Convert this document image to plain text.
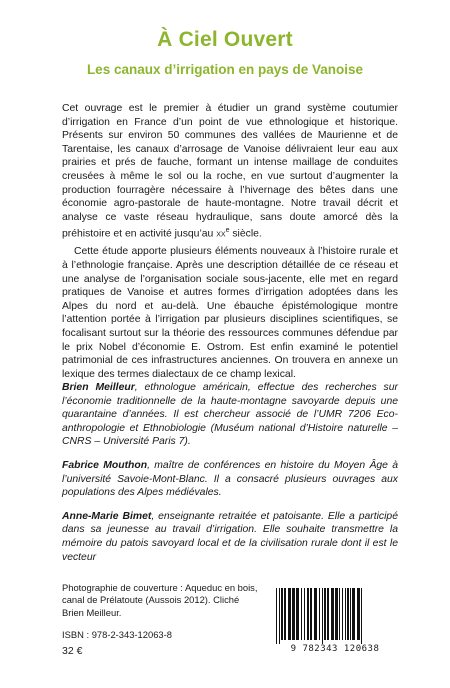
À Ciel Ouvert
Les canaux d’irrigation en pays de Vanoise

Cet ouvrage est le premier à étudier un grand système coutumier d’irrigation en France d’un point de vue ethnologique et historique. Présents sur environ 50 communes des vallées de Maurienne et de Tarentaise, les canaux d’arrosage de Vanoise délivraient leur eau aux prairies et prés de fauche, formant un intense maillage de conduites creusées à même le sol ou la roche, en vue surtout d’augmenter la production fourragère nécessaire à l’hivernage des bêtes dans une économie agro-pastorale de haute-montagne. Notre travail décrit et analyse ce vaste réseau hydraulique, sans doute amorcé dès la préhistoire et en activité jusqu’au $xx^e$ siècle.

Cette étude apporte plusieurs éléments nouveaux à l’histoire rurale et à l’ethnologie française. Après une description détaillée de ce réseau et une analyse de l’organisation sociale sous-jacente, elle met en regard pratiques de Vanoise et autres formes d’irrigation adoptées dans les Alpes du nord et au-delà. Une ébauche épistémologique montre l’attention portée à l’irrigation par plusieurs disciplines scientifiques, se focalisant surtout sur la théorie des ressources communes défendue par le prix Nobel d’économie E. Ostrom. Est enfin examiné le potentiel patrimonial de ces infrastructures anciennes. On trouvera en annexe un lexique des termes dialectaux de ce champ lexical.

Brien Meilleur, ethnologue américain, effectue des recherches sur l’économie traditionnelle de la haute-montagne savoyarde depuis une quarantaine d’années. Il est chercheur associé de l’UMR 7206 Eco-anthropologie et Ethnobiologie (Muséum national d’Histoire naturelle – CNRS – Université Paris 7).

Fabrice Mouthon, maître de conférences en histoire du Moyen Âge à l’université Savoie-Mont-Blanc. Il a consacré plusieurs ouvrages aux populations des Alpes médiévales.

Anne-Marie Bimet, enseignante retraitée et patoisante. Elle a participé dans sa jeunesse au travail d’irrigation. Elle souhaite transmettre la mémoire du patois savoyard local et de la civilisation rurale dont il est le vecteur

Photographie de couverture : Aqueduc en bois, canal de Prélatoute (Aussois 2012). Cliché Brien Meilleur.
ISBN : 978-2-343-12063-8
32 €	9 782343 120638
